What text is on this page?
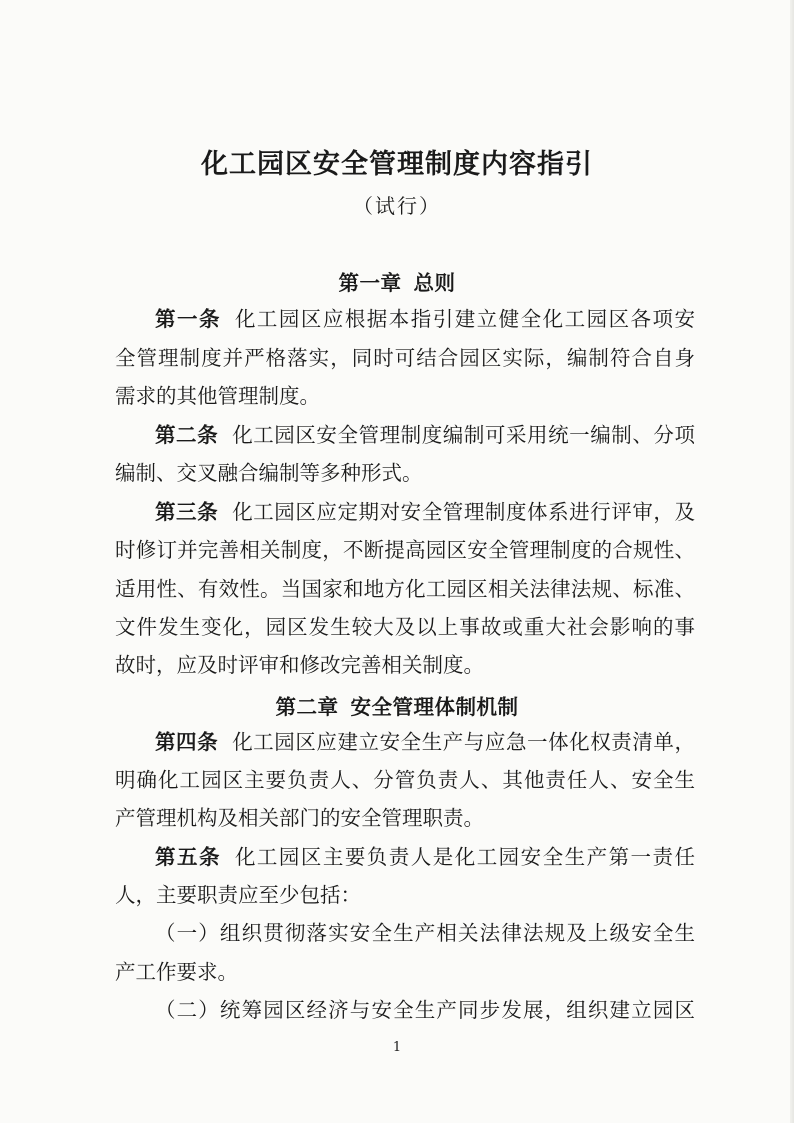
化工园区安全管理制度内容指引
（试行）
第一章 总则
第一条 化工园区应根据本指引建立健全化工园区各项安
全管理制度并严格落实，同时可结合园区实际，编制符合自身
需求的其他管理制度。
第二条 化工园区安全管理制度编制可采用统一编制、分项
编制、交叉融合编制等多种形式。
第三条 化工园区应定期对安全管理制度体系进行评审，及
时修订并完善相关制度，不断提高园区安全管理制度的合规性、
适用性、有效性。当国家和地方化工园区相关法律法规、标准、
文件发生变化，园区发生较大及以上事故或重大社会影响的事
故时，应及时评审和修改完善相关制度。
第二章 安全管理体制机制
第四条 化工园区应建立安全生产与应急一体化权责清单，
明确化工园区主要负责人、分管负责人、其他责任人、安全生
产管理机构及相关部门的安全管理职责。
第五条 化工园区主要负责人是化工园安全生产第一责任
人，主要职责应至少包括：
（一）组织贯彻落实安全生产相关法律法规及上级安全生
产工作要求。
（二）统筹园区经济与安全生产同步发展，组织建立园区
1
